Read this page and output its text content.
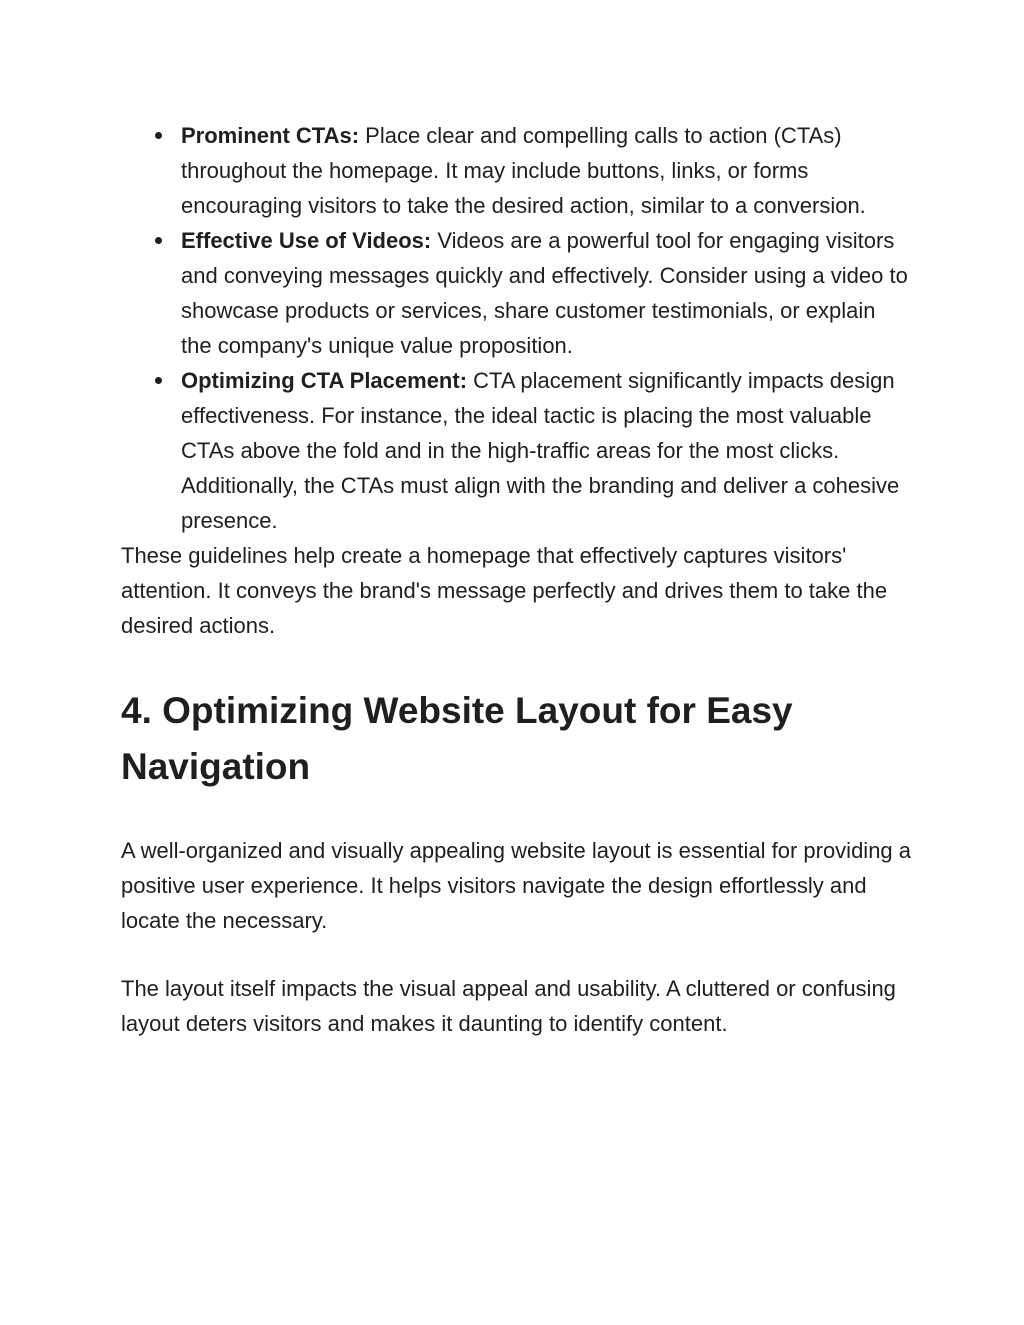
Prominent CTAs: Place clear and compelling calls to action (CTAs) throughout the homepage. It may include buttons, links, or forms encouraging visitors to take the desired action, similar to a conversion.
Effective Use of Videos: Videos are a powerful tool for engaging visitors and conveying messages quickly and effectively. Consider using a video to showcase products or services, share customer testimonials, or explain the company's unique value proposition.
Optimizing CTA Placement: CTA placement significantly impacts design effectiveness. For instance, the ideal tactic is placing the most valuable CTAs above the fold and in the high-traffic areas for the most clicks. Additionally, the CTAs must align with the branding and deliver a cohesive presence.

These guidelines help create a homepage that effectively captures visitors' attention. It conveys the brand's message perfectly and drives them to take the desired actions.

4. Optimizing Website Layout for Easy Navigation

A well-organized and visually appealing website layout is essential for providing a positive user experience. It helps visitors navigate the design effortlessly and locate the necessary.

The layout itself impacts the visual appeal and usability. A cluttered or confusing layout deters visitors and makes it daunting to identify content.
